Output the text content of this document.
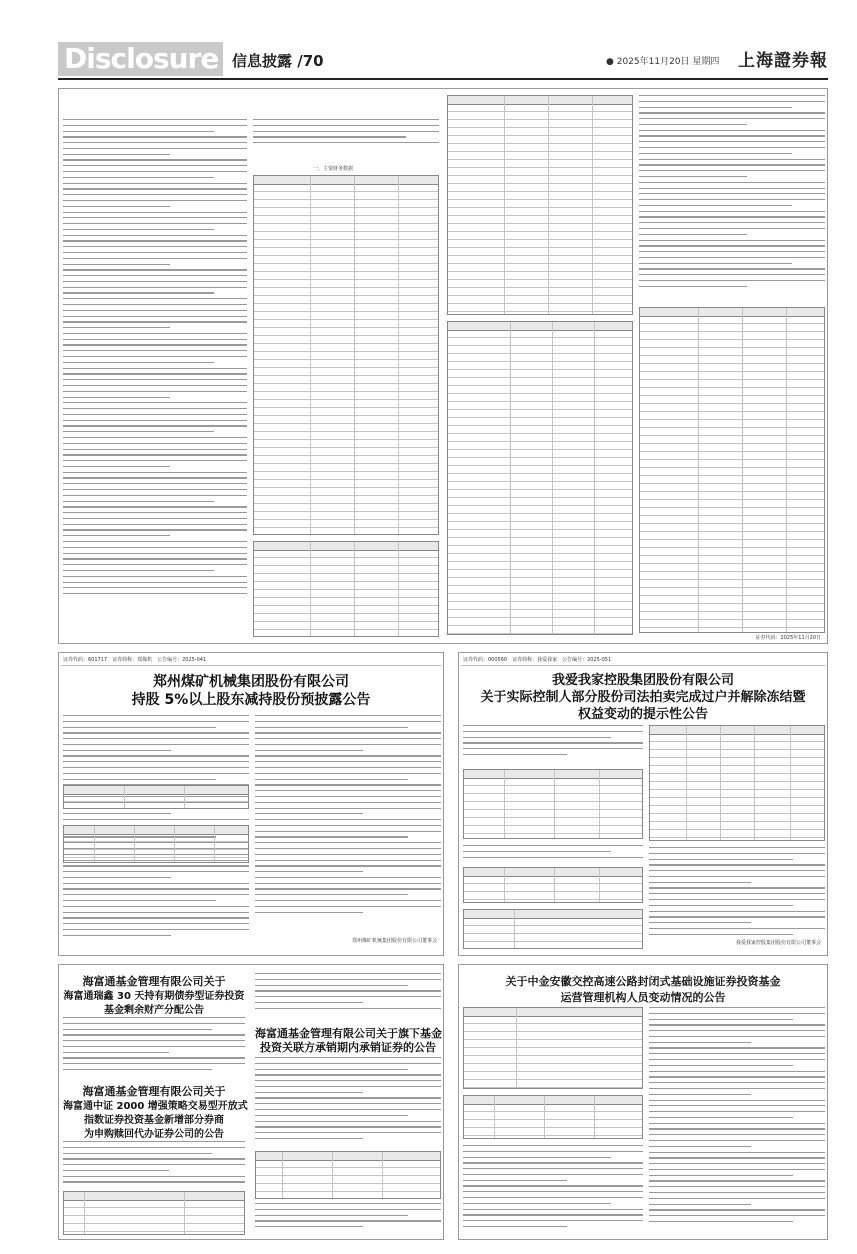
Disclosure 信息披露 /70	● 2025年11月20日 星期四 上海證券報
一、主要财务数据
证券代码：2025年11月20日
证券代码：601717　证券简称：郑煤机　公告编号：2025-041
郑州煤矿机械集团股份有限公司
持股 5%以上股东减持股份预披露公告
郑州煤矿机械集团股份有限公司董事会
证券代码：000560　证券简称：我爱我家　公告编号：2025-051
我爱我家控股集团股份有限公司
关于实际控制人部分股份司法拍卖完成过户并解除冻结暨
权益变动的提示性公告
我爱我家控股集团股份有限公司董事会
海富通基金管理有限公司关于
海富通瑞鑫 30 天持有期债券型证券投资
基金剩余财产分配公告
海富通基金管理有限公司关于
海富通中证 2000 增强策略交易型开放式
指数证券投资基金新增部分券商
为申购赎回代办证券公司的公告
海富通基金管理有限公司关于旗下基金
投资关联方承销期内承销证券的公告
关于中金安徽交控高速公路封闭式基础设施证券投资基金
运营管理机构人员变动情况的公告
